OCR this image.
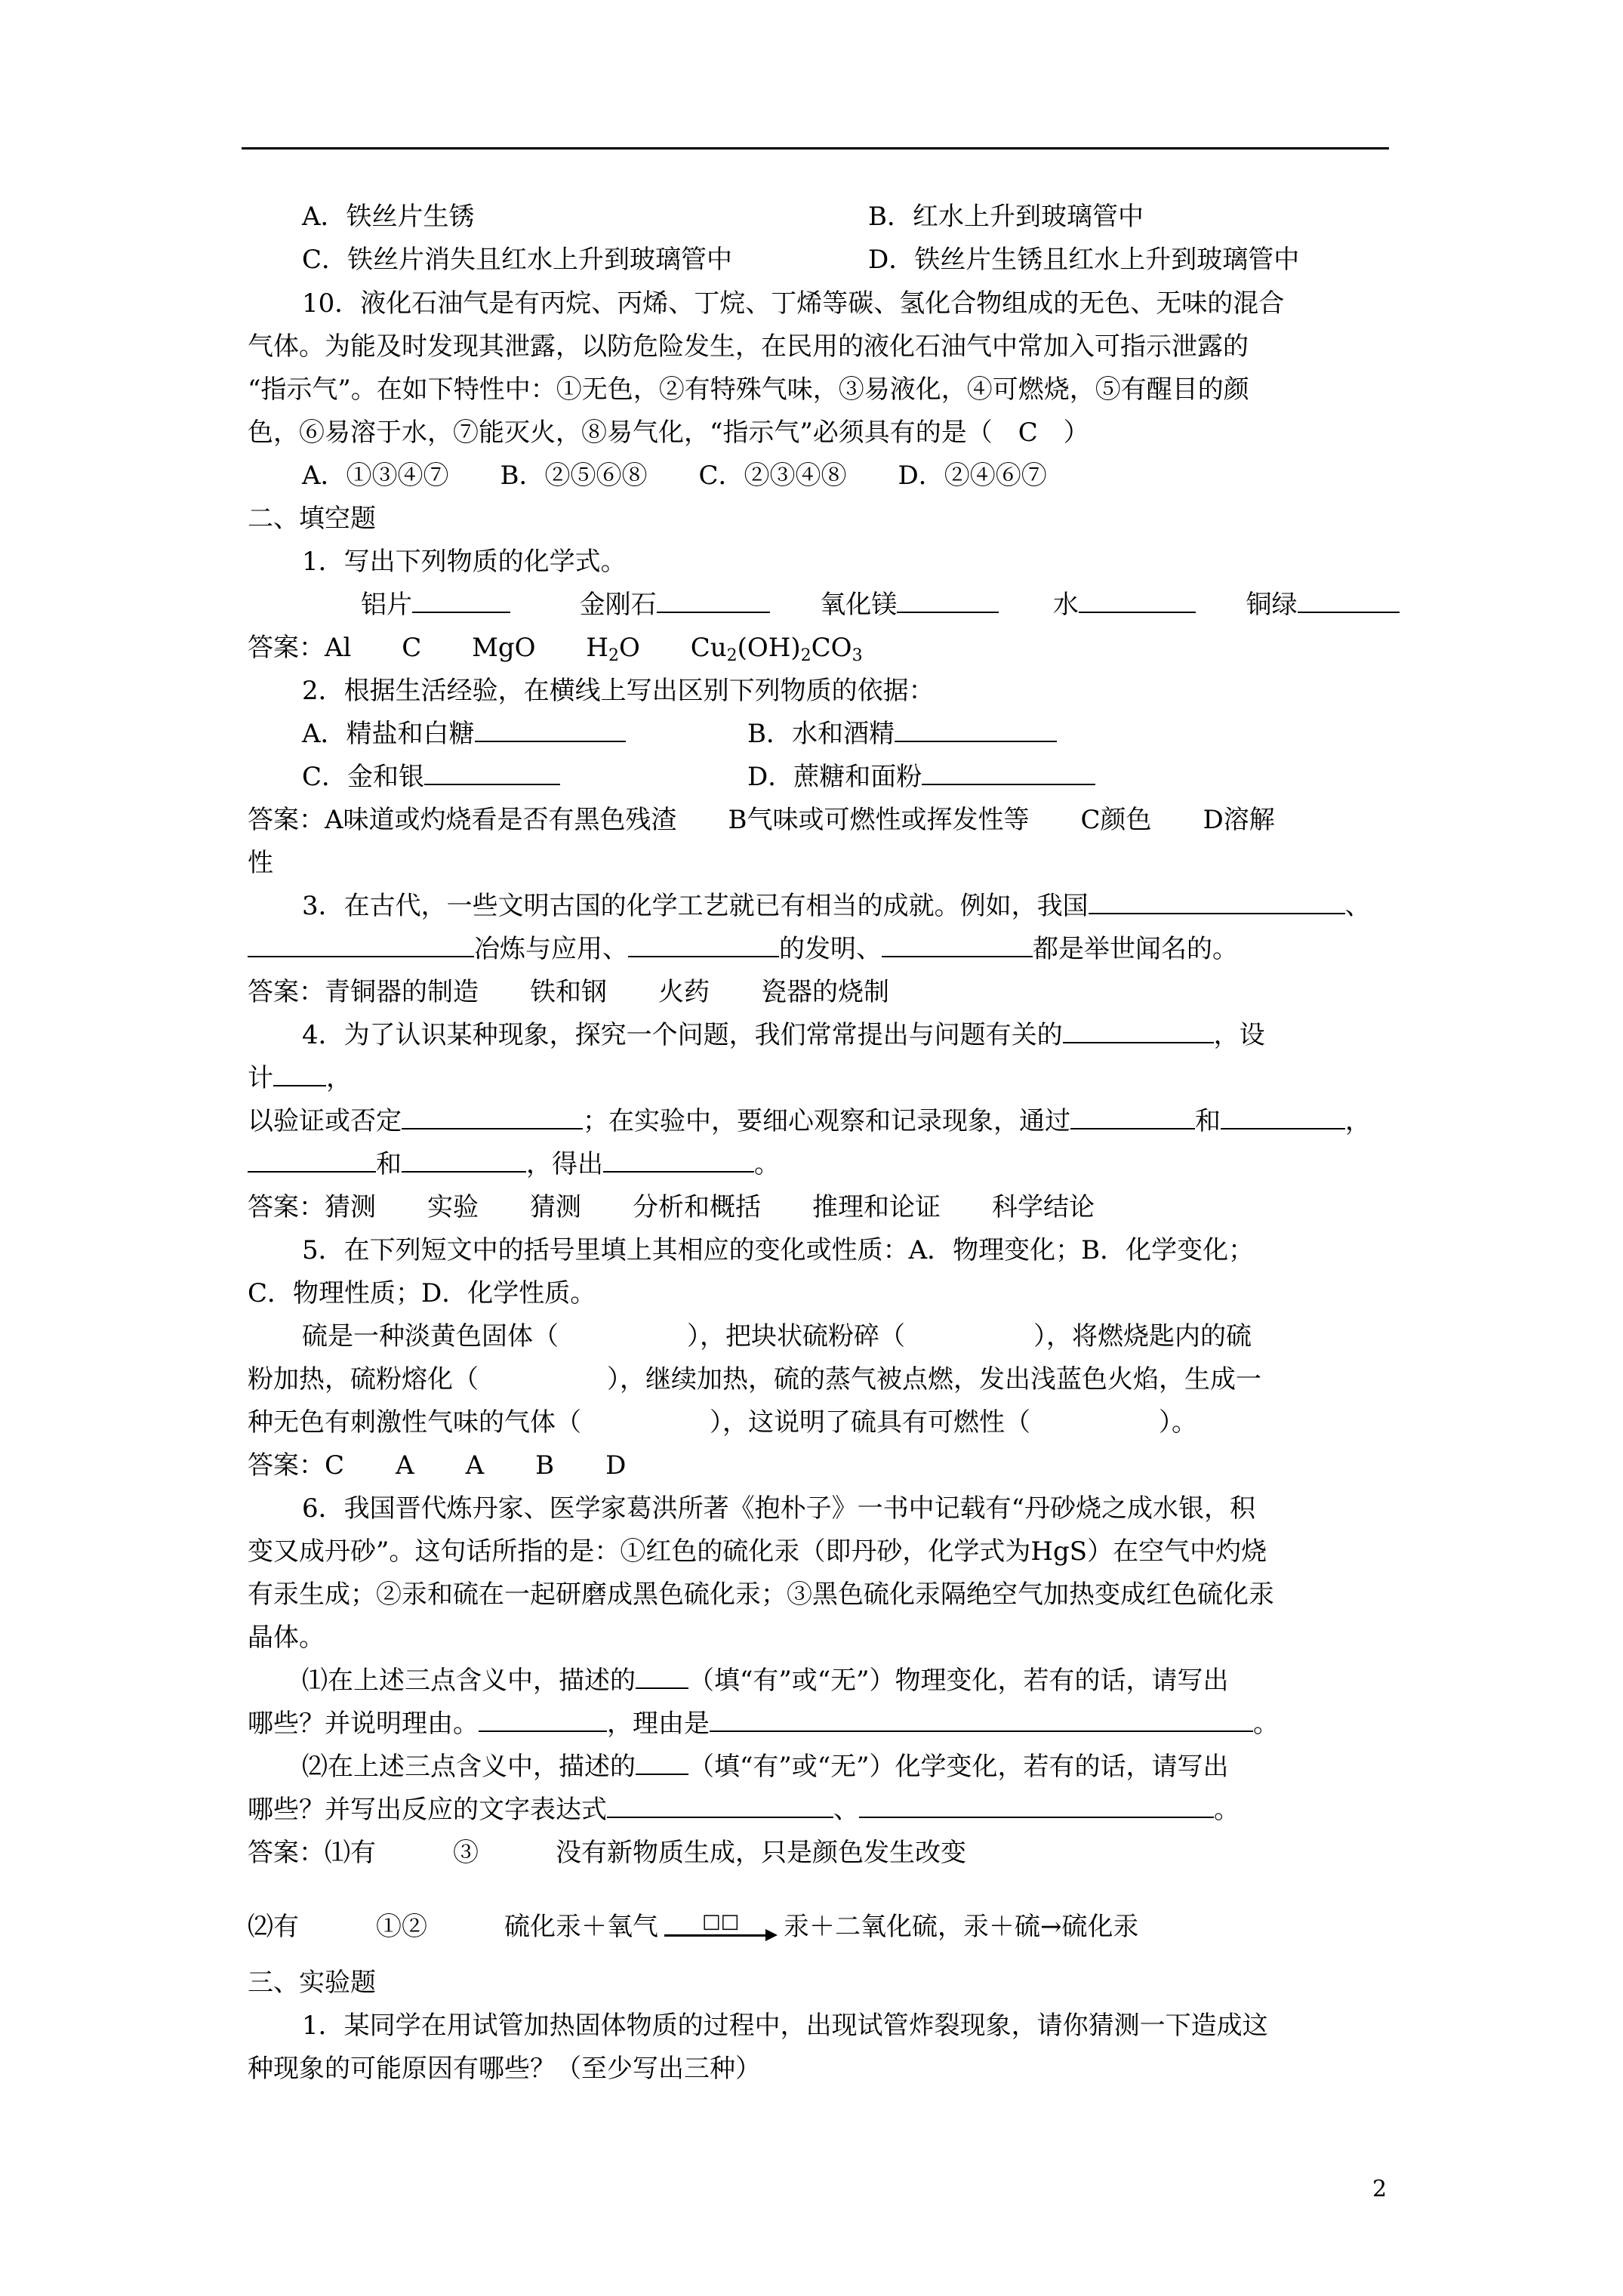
A．铁丝片生锈	B．红水上升到玻璃管中
C．铁丝片消失且红水上升到玻璃管中	D．铁丝片生锈且红水上升到玻璃管中
10．液化石油气是有丙烷、丙烯、丁烷、丁烯等碳、氢化合物组成的无色、无味的混合
气体。为能及时发现其泄露，以防危险发生，在民用的液化石油气中常加入可指示泄露的
“指示气”。在如下特性中：①无色，②有特殊气味，③易液化，④可燃烧，⑤有醒目的颜
色，⑥易溶于水，⑦能灭火，⑧易气化，“指示气”必须具有的是（　C　）
A．①③④⑦　　B．②⑤⑥⑧　　C．②③④⑧　　D．②④⑥⑦
二、填空题
1．写出下列物质的化学式。
铝片	金刚石	氧化镁	水	铜绿
答案：Al C MgO $H_2O$ $Cu_2(OH)_2CO_3$
2．根据生活经验，在横线上写出区别下列物质的依据：
A．精盐和白糖	B．水和酒精
C．金和银	D．蔗糖和面粉
答案：A味道或灼烧看是否有黑色残渣　　B气味或可燃性或挥发性等　　C颜色　　D溶解
性
3．在古代，一些文明古国的化学工艺就已有相当的成就。例如，我国	、
冶炼与应用、	的发明、	都是举世闻名的。
答案：青铜器的制造　　铁和钢　　火药　　瓷器的烧制
4．为了认识某种现象，探究一个问题，我们常常提出与问题有关的	，设
计 ，
以验证或否定	；在实验中，要细心观察和记录现象，通过	和	，
和	，得出	。
答案：猜测　　实验　　猜测　　分析和概括　　推理和论证　　科学结论
5．在下列短文中的括号里填上其相应的变化或性质：A．物理变化；B．化学变化；
C．物理性质；D．化学性质。
硫是一种淡黄色固体（　　　　　），把块状硫粉碎（　　　　　），将燃烧匙内的硫
粉加热，硫粉熔化（　　　　　），继续加热，硫的蒸气被点燃，发出浅蓝色火焰，生成一
种无色有刺激性气味的气体（　　　　　），这说明了硫具有可燃性（　　　　　）。
答案：C　　A　　A　　B　　D
6．我国晋代炼丹家、医学家葛洪所著《抱朴子》一书中记载有“丹砂烧之成水银，积
变又成丹砂”。这句话所指的是：①红色的硫化汞（即丹砂，化学式为HgS）在空气中灼烧
有汞生成；②汞和硫在一起研磨成黑色硫化汞；③黑色硫化汞隔绝空气加热变成红色硫化汞
晶体。
⑴在上述三点含义中，描述的 （填“有”或“无”）物理变化，若有的话，请写出
哪些？并说明理由。	，理由是	。
⑵在上述三点含义中，描述的 （填“有”或“无”）化学变化，若有的话，请写出
哪些？并写出反应的文字表达式	、	。
答案：⑴有　　　③　　　没有新物质生成，只是颜色发生改变
⑵有　　　①②　　　硫化汞＋氧气 □□ 汞＋二氧化硫，汞＋硫→硫化汞
三、实验题
1．某同学在用试管加热固体物质的过程中，出现试管炸裂现象，请你猜测一下造成这
种现象的可能原因有哪些？（至少写出三种）
2
